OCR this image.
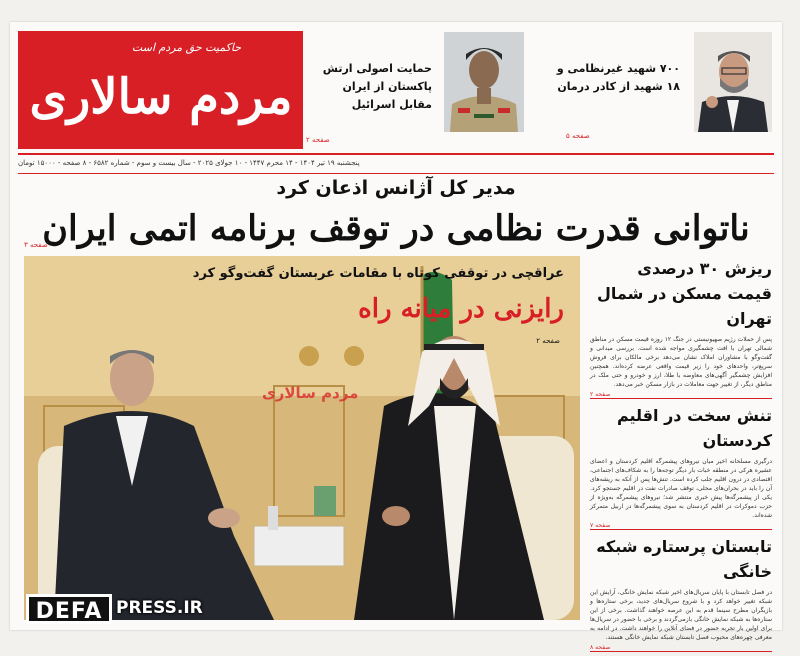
حاکمیت حق مردم است
مردم سالاری
حمایت اصولی ارتش پاکستان از ایران مقابل اسرائیل
صفحه ۲
۷۰۰ شهید غیرنظامی و ۱۸ شهید از کادر درمان
صفحه ۵
پنجشنبه ۱۹ تیر ۱۴۰۴ - ۱۴ محرم ۱۴۴۷ - ۱۰ جولای ۲۰۲۵ - سال بیست و سوم - شماره ۶۵۸۲ - ۸ صفحه - ۱۵۰۰۰ تومان
مدیر کل آژانس اذعان کرد
ناتوانی قدرت نظامی در توقف برنامه اتمی ایران
صفحه ۳
عراقچی در توقفی کوتاه با مقامات عربستان گفت‌وگو کرد
رایزنی در میانه راه
صفحه ۲
مردم سالاری
ریزش ۳۰ درصدی قیمت مسکن در شمال تهران

پس از حملات رژیم صهیونیستی در جنگ ۱۲ روزه قیمت مسکن در مناطق شمالی تهران با افت چشمگیری مواجه شده است. بررسی میدانی و گفت‌وگو با مشاوران املاک نشان می‌دهد برخی مالکان برای فروش سریع‌تر، واحدهای خود را زیر قیمت واقعی عرضه کرده‌اند. همچنین افزایش چشمگیر آگهی‌های معاوضه با طلا، ارز و خودرو و حتی ملک در مناطق دیگر، از تغییر جهت معاملات در بازار مسکن خبر می‌دهد.

صفحه ۲
تنش سخت در اقلیم کردستان

درگیری مسلحانه اخیر میان نیروهای پیشمرگه اقلیم کردستان و اعضای عشیره هرکی در منطقه خبات بار دیگر توجه‌ها را به شکاف‌های اجتماعی، اقتصادی در درون اقلیم جلب کرده است. تنش‌ها پس از آنکه به ریشه‌های آن را باید در بحران‌های محلی، توقف صادرات نفت در اقلیم جستجو کرد. یکی از پیشمرگه‌ها پیش خبری منتشر شد؛ نیروهای پیشمرگه به‌ویژه از حزب دموکرات در اقلیم کردستان به سوی پیشمرگه‌ها در اربیل متمرکز شده‌اند.

صفحه ۷
تابستان پرستاره شبکه خانگی

در فصل تابستان با پایان سریال‌های اخیر شبکه نمایش خانگی، آرایش این شبکه تغییر خواهد کرد و با شروع سریال‌های جدید، برخی ستاره‌ها و بازیگران مطرح سینما قدم به این عرصه خواهند گذاشت. برخی از این ستاره‌ها به شبکه نمایش خانگی بازمی‌گردند و برخی با حضور در سریال‌ها برای اولین بار تجربه حضور در فضای آنلاین را خواهند داشت. در ادامه به معرفی چهره‌های محبوب فصل تابستان شبکه نمایش خانگی هستند.

صفحه ۸
DEFA PRESS.IR
